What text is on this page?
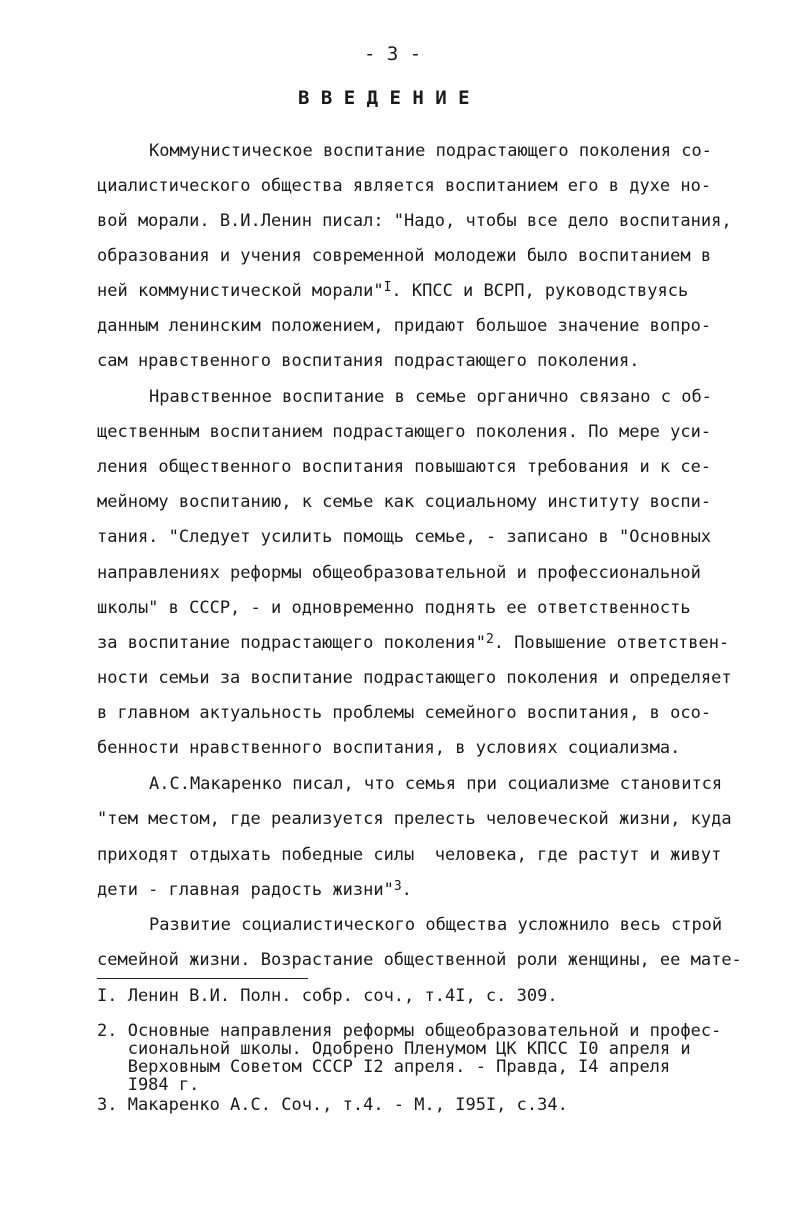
- 3 -
В В Е Д Е Н И Е
Коммунистическое воспитание подрастающего поколения со-
циалистического общества является воспитанием его в духе но-
вой морали. В.И.Ленин писал: "Надо, чтобы все дело воспитания,
образования и учения современной молодежи было воспитанием в
ней коммунистической морали"$^I$. КПСС и ВСРП, руководствуясь
данным ленинским положением, придают большое значение вопро-
сам нравственного воспитания подрастающего поколения.
Нравственное воспитание в семье органично связано с об-
щественным воспитанием подрастающего поколения. По мере уси-
ления общественного воспитания повышаются требования и к се-
мейному воспитанию, к семье как социальному институту воспи-
тания. "Следует усилить помощь семье, - записано в "Основных
направлениях реформы общеобразовательной и профессиональной
школы" в СССР, - и одновременно поднять ее ответственность
за воспитание подрастающего поколения"$^2$. Повышение ответствен-
ности семьи за воспитание подрастающего поколения и определяет
в главном актуальность проблемы семейного воспитания, в осо-
бенности нравственного воспитания, в условиях социализма.
А.С.Макаренко писал, что семья при социализме становится
"тем местом, где реализуется прелесть человеческой жизни, куда
приходят отдыхать победные силы  человека, где растут и живут
дети - главная радость жизни"$^3$.
Развитие социалистического общества усложнило весь строй
семейной жизни. Возрастание общественной роли женщины, ее мате-
I. Ленин В.И. Полн. собр. соч., т.4I, с. 309.
2. Основные направления реформы общеобразовательной и профес-
сиональной школы. Одобрено Пленумом ЦК КПСС I0 апреля и
Верховным Советом СССР I2 апреля. - Правда, I4 апреля
I984 г.
3. Макаренко А.С. Соч., т.4. - М., I95I, с.34.
